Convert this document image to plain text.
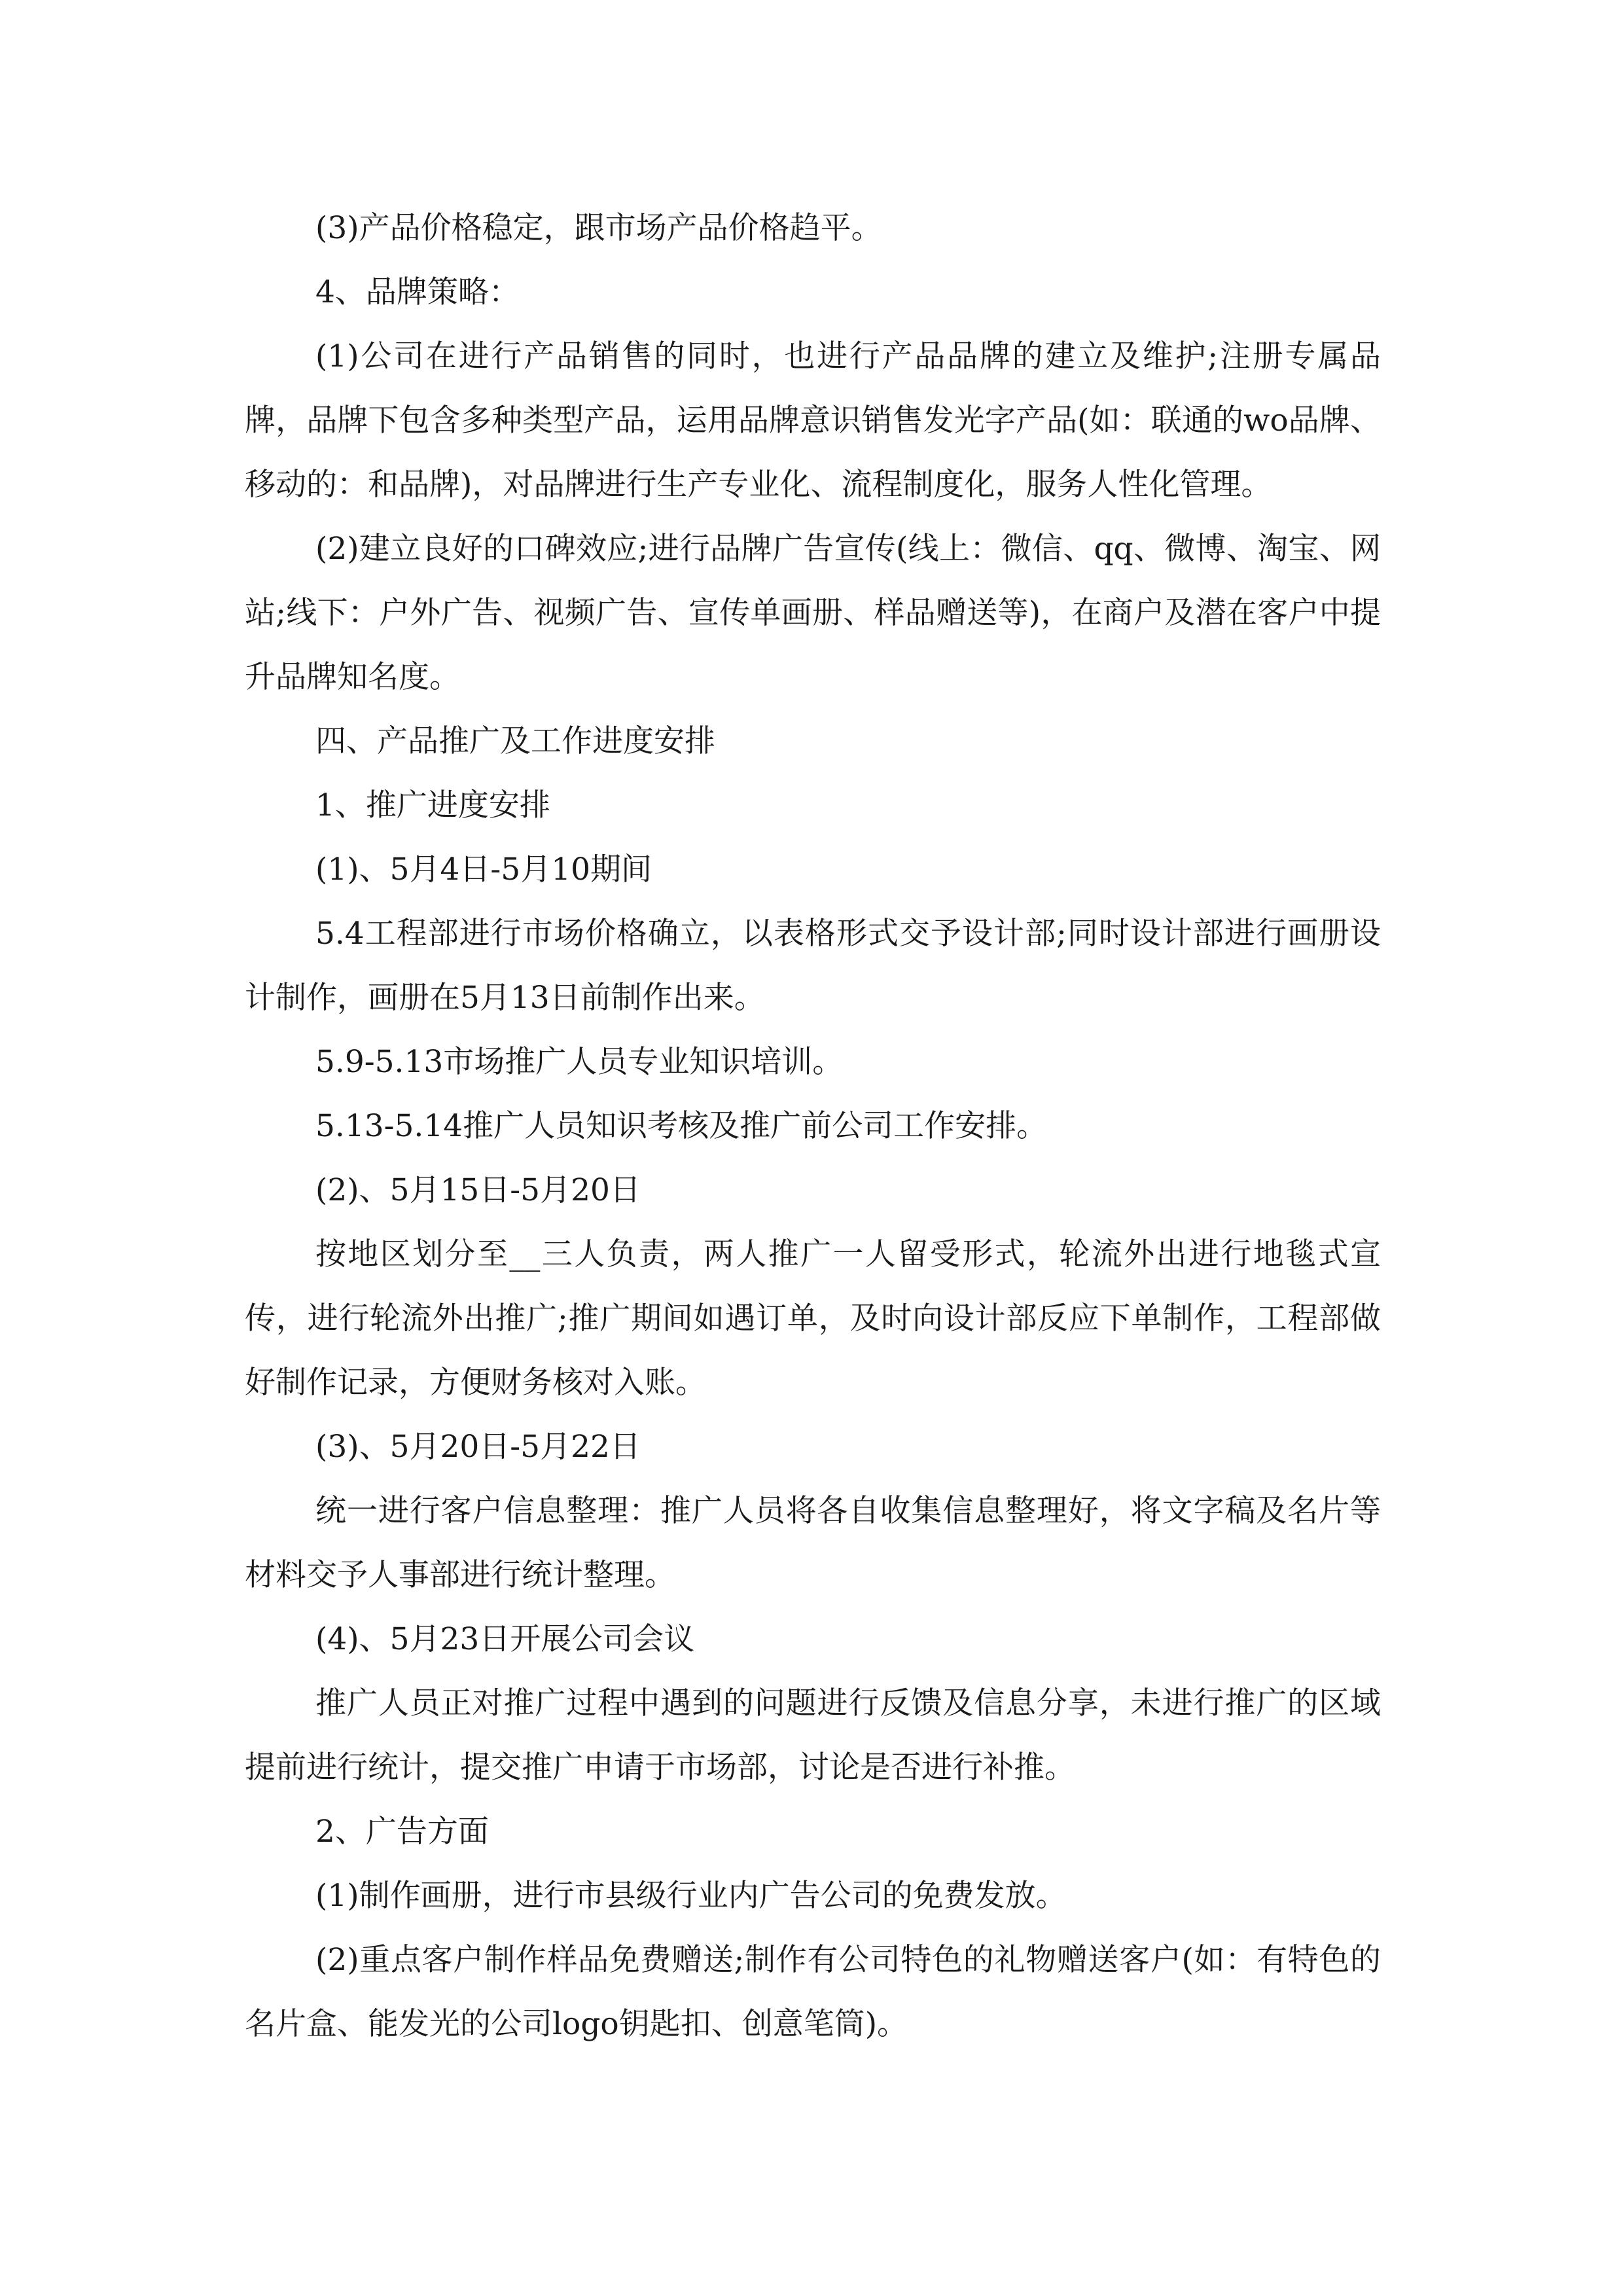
(3)产品价格稳定，跟市场产品价格趋平。

4、品牌策略：

(1)公司在进行产品销售的同时，也进行产品品牌的建立及维护;注册专属品牌，品牌下包含多种类型产品，运用品牌意识销售发光字产品(如：联通的wo品牌、移动的：和品牌)，对品牌进行生产专业化、流程制度化，服务人性化管理。

(2)建立良好的口碑效应;进行品牌广告宣传(线上：微信、qq、微博、淘宝、网站;线下：户外广告、视频广告、宣传单画册、样品赠送等)，在商户及潜在客户中提升品牌知名度。

四、产品推广及工作进度安排

1、推广进度安排

(1)、5月4日-5月10期间

5.4工程部进行市场价格确立，以表格形式交予设计部;同时设计部进行画册设计制作，画册在5月13日前制作出来。

5.9-5.13市场推广人员专业知识培训。

5.13-5.14推广人员知识考核及推广前公司工作安排。

(2)、5月15日-5月20日

按地区划分至__三人负责，两人推广一人留受形式，轮流外出进行地毯式宣传，进行轮流外出推广;推广期间如遇订单，及时向设计部反应下单制作，工程部做好制作记录，方便财务核对入账。

(3)、5月20日-5月22日

统一进行客户信息整理：推广人员将各自收集信息整理好，将文字稿及名片等材料交予人事部进行统计整理。

(4)、5月23日开展公司会议

推广人员正对推广过程中遇到的问题进行反馈及信息分享，未进行推广的区域提前进行统计，提交推广申请于市场部，讨论是否进行补推。

2、广告方面

(1)制作画册，进行市县级行业内广告公司的免费发放。

(2)重点客户制作样品免费赠送;制作有公司特色的礼物赠送客户(如：有特色的名片盒、能发光的公司logo钥匙扣、创意笔筒)。
